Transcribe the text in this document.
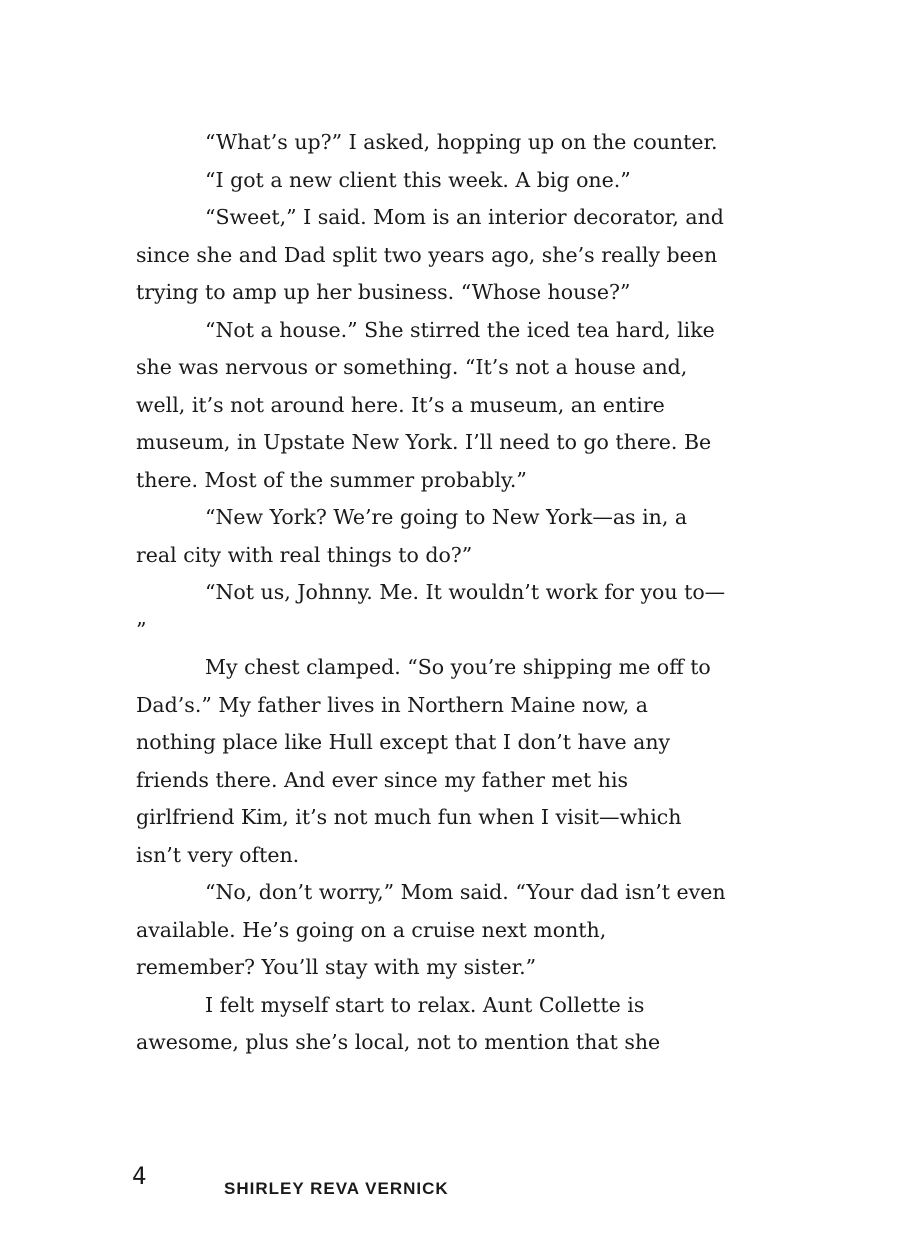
“What’s up?” I asked, hopping up on the counter.

“I got a new client this week. A big one.”

“Sweet,” I said. Mom is an interior decorator, and since she and Dad split two years ago, she’s really been trying to amp up her business. “Whose house?”

“Not a house.” She stirred the iced tea hard, like she was nervous or something. “It’s not a house and, well, it’s not around here. It’s a museum, an entire museum, in Upstate New York. I’ll need to go there. Be there. Most of the summer probably.”

“New York? We’re going to New York—as in, a real city with real things to do?”

“Not us, Johnny. Me. It wouldn’t work for you to— ”

My chest clamped. “So you’re shipping me off to Dad’s.” My father lives in Northern Maine now, a nothing place like Hull except that I don’t have any friends there. And ever since my father met his girlfriend Kim, it’s not much fun when I visit—which isn’t very often.

“No, don’t worry,” Mom said. “Your dad isn’t even available. He’s going on a cruise next month, remember? You’ll stay with my sister.”

I felt myself start to relax. Aunt Collette is awesome, plus she’s local, not to mention that she

4	SHIRLEY REVA VERNICK
